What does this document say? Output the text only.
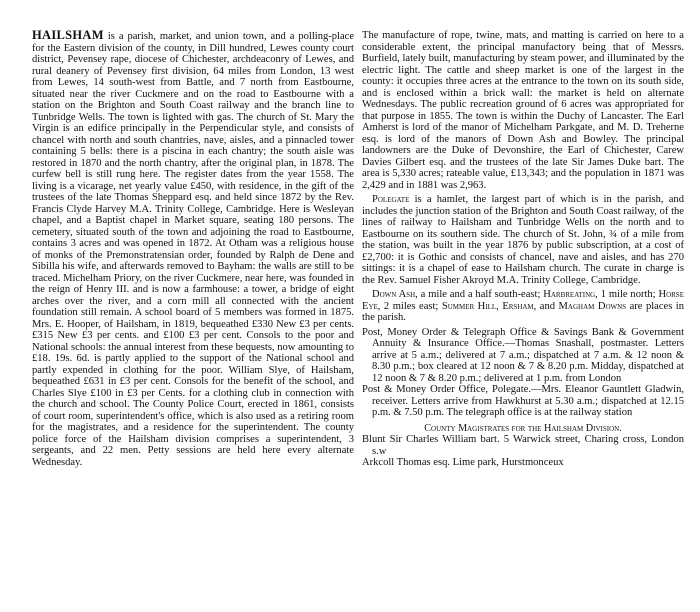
HAILSHAM is a parish, market, and union town, and a polling-place for the Eastern division of the county, in Dill hundred, Lewes county court district, Pevensey rape, diocese of Chichester, archdeaconry of Lewes, and rural deanery of Pevensey first division, 64 miles from London, 13 west from Lewes, 14 south-west from Battle, and 7 north from Eastbourne, situated near the river Cuckmere and on the road to Eastbourne with a station on the Brighton and South Coast railway and the branch line to Tunbridge Wells. The town is lighted with gas. The church of St. Mary the Virgin is an edifice principally in the Perpendicular style, and consists of chancel with north and south chantries, nave, aisles, and a pinnacled tower containing 5 bells: there is a piscina in each chantry; the south aisle was restored in 1870 and the north chantry, after the original plan, in 1878. The curfew bell is still rung here. The register dates from the year 1558. The living is a vicarage, net yearly value £450, with residence, in the gift of the trustees of the late Thomas Sheppard esq. and held since 1872 by the Rev. Francis Clyde Harvey M.A. Trinity College, Cambridge. Here is Wesleyan chapel, and a Baptist chapel in Market square, seating 180 persons. The cemetery, situated south of the town and adjoining the road to Eastbourne, contains 3 acres and was opened in 1872. At Otham was a religious house of monks of the Premonstratensian order, founded by Ralph de Dene and Sibilla his wife, and afterwards removed to Bayham: the walls are still to be traced. Michelham Priory, on the river Cuckmere, near here, was founded in the reign of Henry III. and is now a farmhouse: a tower, a bridge of eight arches over the river, and a corn mill all connected with the ancient foundation still remain. A school board of 5 members was formed in 1875. Mrs. E. Hooper, of Hailsham, in 1819, bequeathed £330 New £3 per cents. £315 New £3 per cents. and £100 £3 per cent. Consols to the poor and National schools: the annual interest from these bequests, now amounting to £18. 19s. 6d. is partly applied to the support of the National school and partly expended in clothing for the poor. William Slye, of Hailsham, bequeathed £631 in £3 per cent. Consols for the benefit of the school, and Charles Slye £100 in £3 per Cents. for a clothing club in connection with the church and school. The County Police Court, erected in 1861, consists of court room, superintendent's office, which is also used as a retiring room for the magistrates, and a residence for the superintendent. The county police force of the Hailsham division comprises a superintendent, 3 sergeants, and 22 men. Petty sessions are held here every alternate Wednesday.

The manufacture of rope, twine, mats, and matting is carried on here to a considerable extent, the principal manufactory being that of Messrs. Burfield, lately built, manufacturing by steam power, and illuminated by the electric light. The cattle and sheep market is one of the largest in the county: it occupies three acres at the entrance to the town on its south side, and is enclosed within a brick wall: the market is held on alternate Wednesdays. The public recreation ground of 6 acres was appropriated for that purpose in 1855. The town is within the Duchy of Lancaster. The Earl Amherst is lord of the manor of Michelham Parkgate, and M. D. Treherne esq. is lord of the manors of Down Ash and Bowley. The principal landowners are the Duke of Devonshire, the Earl of Chichester, Carew Davies Gilbert esq. and the trustees of the late Sir James Duke bart. The area is 5,330 acres; rateable value, £13,343; and the population in 1871 was 2,429 and in 1881 was 2,963.

Polegate is a hamlet, the largest part of which is in the parish, and includes the junction station of the Brighton and South Coast railway, of the lines of railway to Hailsham and Tunbridge Wells on the north and to Eastbourne on its southern side. The church of St. John, ¾ of a mile from the station, was built in the year 1876 by public subscription, at a cost of £2,700: it is Gothic and consists of chancel, nave and aisles, and has 270 sittings: it is a chapel of ease to Hailsham church. The curate in charge is the Rev. Samuel Fisher Akroyd M.A. Trinity College, Cambridge.

Down Ash, a mile and a half south-east; Harbreating, 1 mile north; Horse Eye, 2 miles east; Summer Hill, Ersham, and Magham Downs are places in the parish.

Post, Money Order & Telegraph Office & Savings Bank & Government Annuity & Insurance Office.—Thomas Snashall, postmaster. Letters arrive at 5 a.m.; delivered at 7 a.m.; dispatched at 7 a.m. & 12 noon & 8.30 p.m.; box cleared at 12 noon & 7 & 8.20 p.m. Midday, dispatched at 12 noon & 7 & 8.20 p.m.; delivered at 1 p.m. from London

Post & Money Order Office, Polegate.—Mrs. Eleanor Gauntlett Gladwin, receiver. Letters arrive from Hawkhurst at 5.30 a.m.; dispatched at 12.15 p.m. & 7.50 p.m. The telegraph office is at the railway station

County Magistrates for the Hailsham Division.

Blunt Sir Charles William bart. 5 Warwick street, Charing cross, London s.w

Arkcoll Thomas esq. Lime park, Hurstmonceux
